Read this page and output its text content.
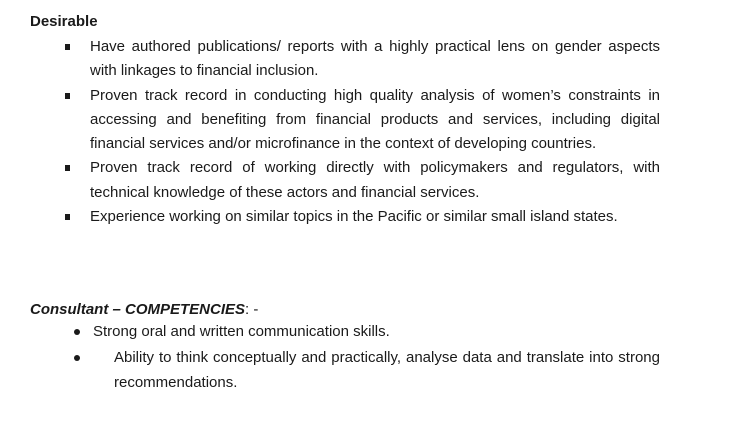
Desirable
Have authored publications/ reports with a highly practical lens on gender aspects with linkages to financial inclusion.
Proven track record in conducting high quality analysis of women’s constraints in accessing and benefiting from financial products and services, including digital financial services and/or microfinance in the context of developing countries.
Proven track record of working directly with policymakers and regulators, with technical knowledge of these actors and financial services.
Experience working on similar topics in the Pacific or similar small island states.
Consultant – COMPETENCIES: -
Strong oral and written communication skills.
Ability to think conceptually and practically, analyse data and translate into strong recommendations.
